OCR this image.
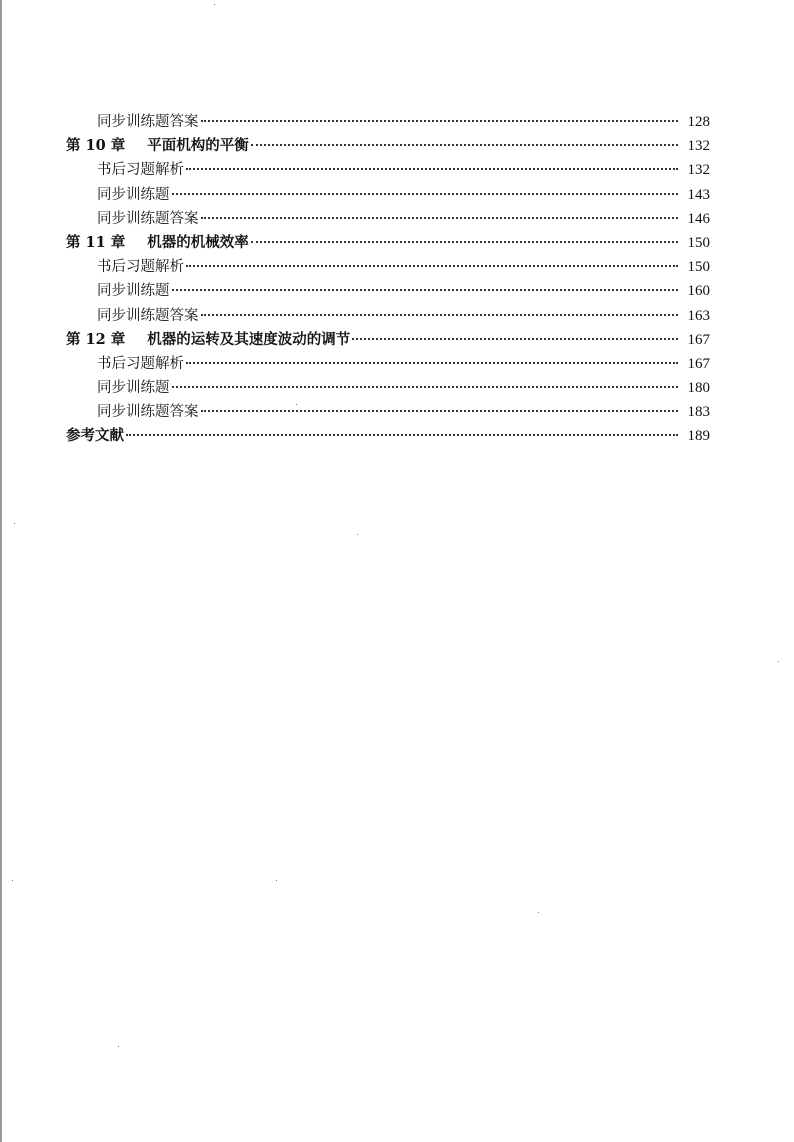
同步训练题答案	128
第 10 章 平面机构的平衡	132
书后习题解析	132
同步训练题	143
同步训练题答案	146
第 11 章 机器的机械效率	150
书后习题解析	150
同步训练题	160
同步训练题答案	163
第 12 章 机器的运转及其速度波动的调节	167
书后习题解析	167
同步训练题	180
同步训练题答案	183
参考文献	189
